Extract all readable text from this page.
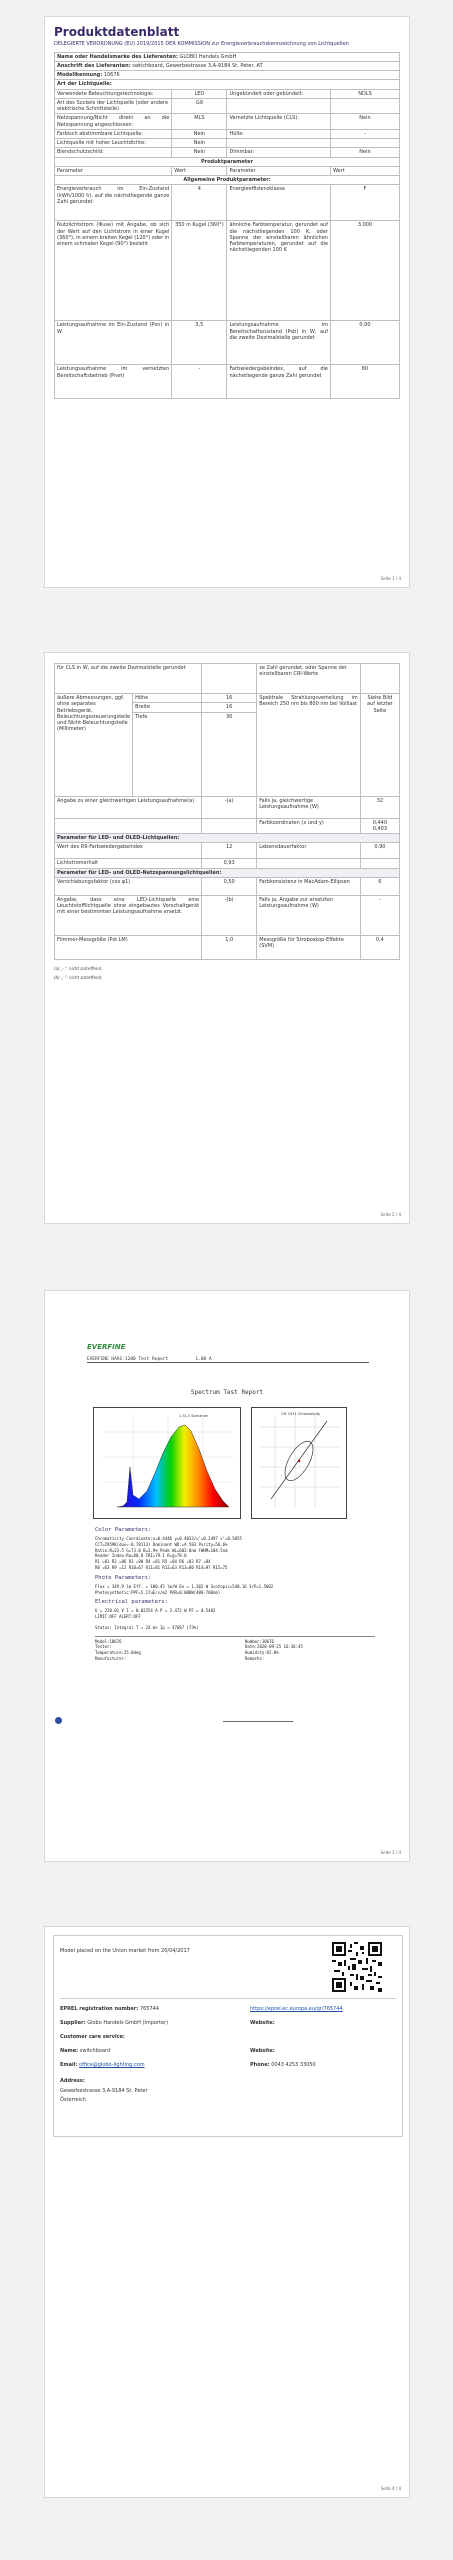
Produktdatenblatt
DELEGIERTE VERORDNUNG (EU) 2019/2015 DER KOMMISSION zur Energieverbrauchskennzeichnung von Lichtquellen
Name oder Handelsmarke des Lieferanten: GLOBO Handels GmbH			
Anschrift des Lieferanten: swtichboard, Gewerbestrasse 3,A-9184 St. Peter, AT			
Modellkennung: 10676			
Art der Lichtquelle:			
Verwendete Beleuchtungstechnologie:	LED	Ungebündelt oder gebündelt:	NDLS
Art des Sockels der Lichtquelle (oder andere elektrische Schnittstelle)	G9		
Netzspannung/Nicht direkt an die Netzspannung angeschlossen:	MLS	Vernetzte Lichtquelle (CLS):	Nein
Farbisch abstimmbare Lichtquelle:	Nein	Hülle:	-
Lichtquelle mit hoher Leuchtdichte:	Nein		
Blendschutzschild:	Nein	Dimmbar:	Nein
Produktparameter			
Parameter	Wert	Parameter	Wert
Allgemeine Produktparameter:			
Energieverbrauch im Ein-Zustand (kWh/1000 h), auf die nächstliegende ganze Zahl gerundet	4	Energieeffizienzklasse	F
Nutzlichtstrom (Φuse) mit Angabe, ob sich der Wert auf den Lichtstrom in einer Kugel (360°), in einem breiten Kegel (120°) oder in einem schmalen Kegel (90°) bezieht	350 in Kugel (360°)	ähnliche Farbtemperatur, gerundet auf die nächstliegenden 100 K, oder Spanne der einstellbaren ähnlichen Farbtemperaturen, gerundet auf die nächstliegenden 100 K	3.000
Leistungsaufnahme im Ein-Zustand (Pon) in W	3,5	Leistungsaufnahme im Bereitschaftszustand (Psb) in W, auf die zweite Dezimalstelle gerundet	0,00
Leistungsaufnahme im vernetzten Bereitschaftsbetrieb (Pnet)	-	Farbwiedergabeindex, auf die nächstliegende ganze Zahl gerundet	80
Seite 1 / 4
für CLS in W, auf die zweite Dezimalstelle gerundet			ze Zahl gerundet, oder Spanne der einstellbaren CRI-Werte	
äußere Abmessungen, ggf. ohne separates Betriebsgerät, Beleuchtungssteuerungsteile und Nicht-Beleuchtungsteile (Millimeter)	Höhe	16	Spektrale Strahlungsverteilung im Bereich 250 nm bis 800 nm bei Volllast	Siehe Bild auf letzter Seite
	Breite	16		
	Tiefe	30		
Angabe zu einer gleichwertigen Leistungsaufnahme(a)		-(a)	Falls ja, gleichwertige Leistungsaufnahme (W)	32
			Farbkoordinaten (x und y)	0,440
0,403
Parameter für LED- und OLED-Lichtquellen:				
Wert des R9-Farbwiedergabeindex		12	Lebensdauerfaktor	0,90
Lichtstromerhalt		0,93		
Parameter für LED- und OLED-Netzspannungslichtquellen:				
Verschiebungsfaktor (cos φ1)		0,50	Farbkonsistenz in MacAdam-Ellipsen	6
Angabe, dass eine LED-Lichtquelle eine Leuchtstofflichtquelle ohne eingebautes Vorschaltgerät mit einer bestimmten Leistungsaufnahme ersetzt.		-(b)	Falls ja, Angabe zur ersetzten Leistungsaufnahme (W)	-
Flimmer-Messgröße (Pst LM)		1,0	Messgröße für Stroboskop-Effekte (SVM)	0,4
(a) „-“: nicht zutreffend,
(b) „-“: nicht zutreffend,
Seite 2 / 4
EVERFINE
EVERFINE HAAS-1200 Test Report          1.00 A
Spectrum Test Report
1.31.3 Spectrum	CIE 1931 Chromaticity
Color Parameters:
Chromaticity Coordinate:x=0.4446 y=0.4033/u'=0.2497 v'=0.5055
CCT=2959K(duv=-0.70113) Dominant WD:=A 583 Purity=56.6%
Ratio:R=23.5 G=73.8 B=2.9% Peak WL=602.0nm FWHM=104.5nm
Render Index:Ra=80.8 CRI=79.1 R=g=79.0
R1 =81 R2 =86 R3 =90 R4 =81 R5 =84 R6 =82 R7 =84
R8 =63 R9 =12 R10=67 R11=81 R12=63 R13=80 R14=97 R15=75
Photo Parameters:
Flux = 349.9 lm Eff. = 100.45 lm/W Ee = 1.302 W Scotopic=540.16 S/P=1.5002
Photosynthetic:PPF=5.17uE/s/m2 PAR=0.000W(400-700nm)
Electrical parameters:
U = 220.01 V I = 0.02254 A P = 3.472 W PF = 0.5402
LIMIT:OFF ALERT:OFF
Status: Integral T = 24 ms Ip = 47687 (73%)
Model:10676
Tester:
Temperature:25.0deg
Manufacturer:
Number:10676
Date:2020-09-25 16:36:45
Humidity:65.0%
Remarks:
Seite 3 / 4
Model placed on the Union market from 20/04/2017
EPREL registration number: 765744	https://eprel.ec.europa.eu/qr/765744
Supplier: Globo Handels GmbH (Importer)	Website:
Customer care service:
Name: switchboard	Website:
Email: office@globo-lighting.com	Phone: 0043 4253 33050
Address:
Gewerbestrasse 3,A-9184 St. Peter
Österreich
Seite 4 / 4
